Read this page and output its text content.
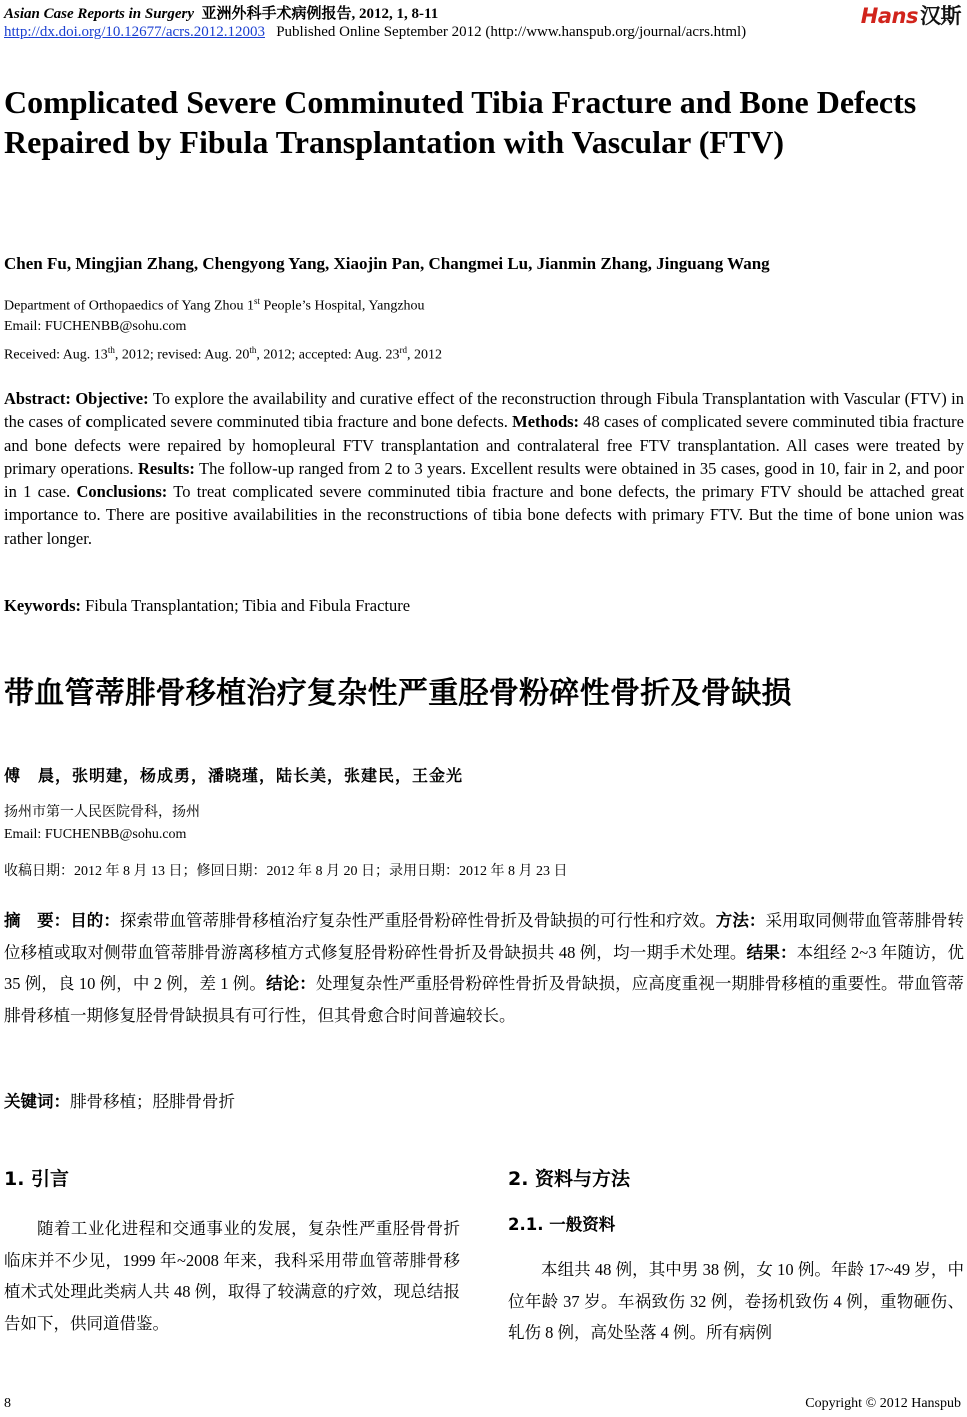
Asian Case Reports in Surgery 亚洲外科手术病例报告, 2012, 1, 8-11	Hans汉斯
http://dx.doi.org/10.12677/acrs.2012.12003 Published Online September 2012 (http://www.hanspub.org/journal/acrs.html)
Complicated Severe Comminuted Tibia Fracture and Bone Defects Repaired by Fibula Transplantation with Vascular (FTV)
Chen Fu, Mingjian Zhang, Chengyong Yang, Xiaojin Pan, Changmei Lu, Jianmin Zhang, Jinguang Wang
Department of Orthopaedics of Yang Zhou 1st People’s Hospital, Yangzhou
Email: FUCHENBB@sohu.com
Received: Aug. 13th, 2012; revised: Aug. 20th, 2012; accepted: Aug. 23rd, 2012
Abstract: Objective: To explore the availability and curative effect of the reconstruction through Fibula Transplantation with Vascular (FTV) in the cases of complicated severe comminuted tibia fracture and bone defects. Methods: 48 cases of complicated severe comminuted tibia fracture and bone defects were repaired by homopleural FTV transplantation and contralateral free FTV transplantation. All cases were treated by primary operations. Results: The follow-up ranged from 2 to 3 years. Excellent results were obtained in 35 cases, good in 10, fair in 2, and poor in 1 case. Conclusions: To treat complicated severe comminuted tibia fracture and bone defects, the primary FTV should be attached great importance to. There are positive availabilities in the reconstructions of tibia bone defects with primary FTV. But the time of bone union was rather longer.
Keywords: Fibula Transplantation; Tibia and Fibula Fracture
带血管蒂腓骨移植治疗复杂性严重胫骨粉碎性骨折及骨缺损
傅　晨，张明建，杨成勇，潘晓瑾，陆长美，张建民，王金光
扬州市第一人民医院骨科，扬州
Email: FUCHENBB@sohu.com
收稿日期：2012 年 8 月 13 日；修回日期：2012 年 8 月 20 日；录用日期：2012 年 8 月 23 日
摘　要：目的：探索带血管蒂腓骨移植治疗复杂性严重胫骨粉碎性骨折及骨缺损的可行性和疗效。方法：采用取同侧带血管蒂腓骨转位移植或取对侧带血管蒂腓骨游离移植方式修复胫骨粉碎性骨折及骨缺损共 48 例，均一期手术处理。结果：本组经 2~3 年随访，优 35 例，良 10 例，中 2 例，差 1 例。结论：处理复杂性严重胫骨粉碎性骨折及骨缺损，应高度重视一期腓骨移植的重要性。带血管蒂腓骨移植一期修复胫骨骨缺损具有可行性，但其骨愈合时间普遍较长。
关键词：腓骨移植；胫腓骨骨折
1. 引言
随着工业化进程和交通事业的发展，复杂性严重胫骨骨折临床并不少见，1999 年~2008 年来，我科采用带血管蒂腓骨移植术式处理此类病人共 48 例，取得了较满意的疗效，现总结报告如下，供同道借鉴。
2. 资料与方法
2.1. 一般资料
本组共 48 例，其中男 38 例，女 10 例。年龄 17~49 岁，中位年龄 37 岁。车祸致伤 32 例，卷扬机致伤 4 例，重物砸伤、轧伤 8 例，高处坠落 4 例。所有病例
8	Copyright © 2012 Hanspub
